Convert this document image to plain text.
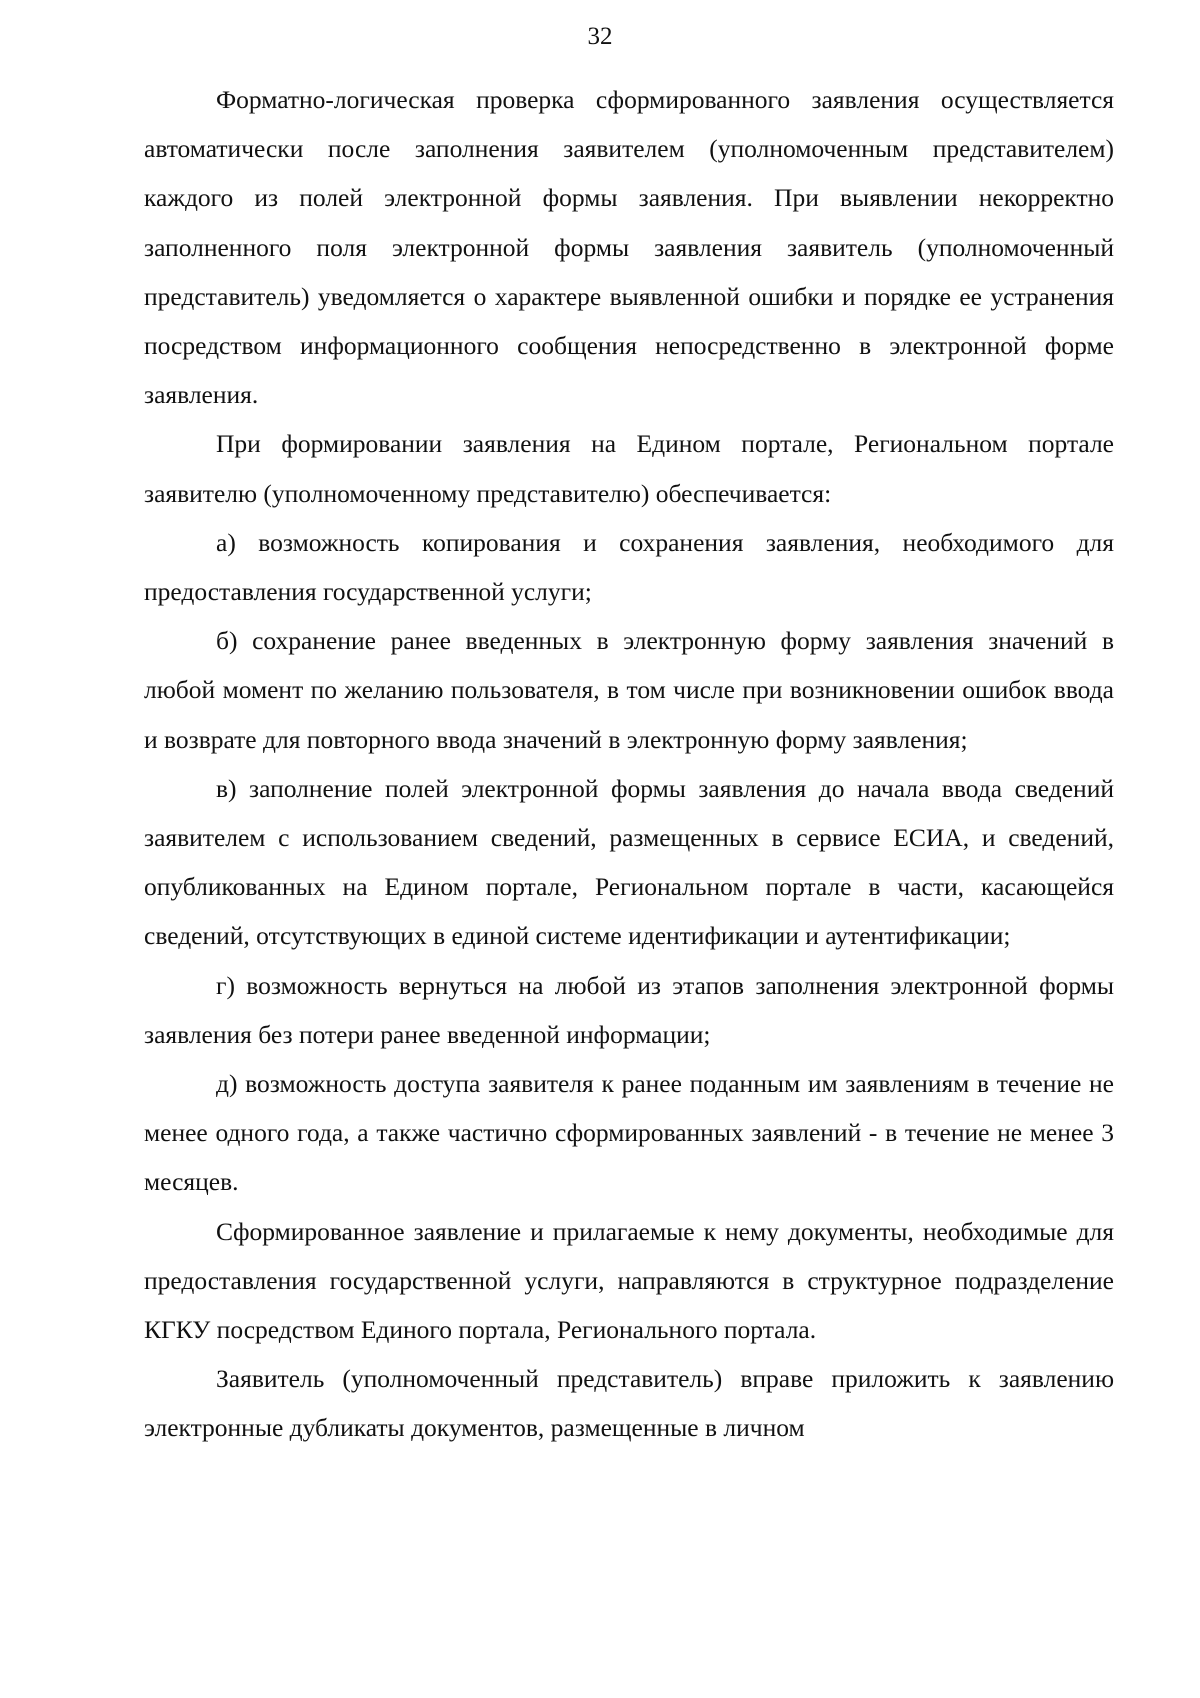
32

Форматно-логическая проверка сформированного заявления осуществляется автоматически после заполнения заявителем (уполномоченным представителем) каждого из полей электронной формы заявления. При выявлении некорректно заполненного поля электронной формы заявления заявитель (уполномоченный представитель) уведомляется о характере выявленной ошибки и порядке ее устранения посредством информационного сообщения непосредственно в электронной форме заявления.

При формировании заявления на Едином портале, Региональном портале заявителю (уполномоченному представителю) обеспечивается:

а) возможность копирования и сохранения заявления, необходимого для предоставления государственной услуги;

б) сохранение ранее введенных в электронную форму заявления значений в любой момент по желанию пользователя, в том числе при возникновении ошибок ввода и возврате для повторного ввода значений в электронную форму заявления;

в) заполнение полей электронной формы заявления до начала ввода сведений заявителем с использованием сведений, размещенных в сервисе ЕСИА, и сведений, опубликованных на Едином портале, Региональном портале в части, касающейся сведений, отсутствующих в единой системе идентификации и аутентификации;

г) возможность вернуться на любой из этапов заполнения электронной формы заявления без потери ранее введенной информации;

д) возможность доступа заявителя к ранее поданным им заявлениям в течение не менее одного года, а также частично сформированных заявлений - в течение не менее 3 месяцев.

Сформированное заявление и прилагаемые к нему документы, необходимые для предоставления государственной услуги, направляются в структурное подразделение КГКУ посредством Единого портала, Регионального портала.

Заявитель (уполномоченный представитель) вправе приложить к заявлению электронные дубликаты документов, размещенные в личном
